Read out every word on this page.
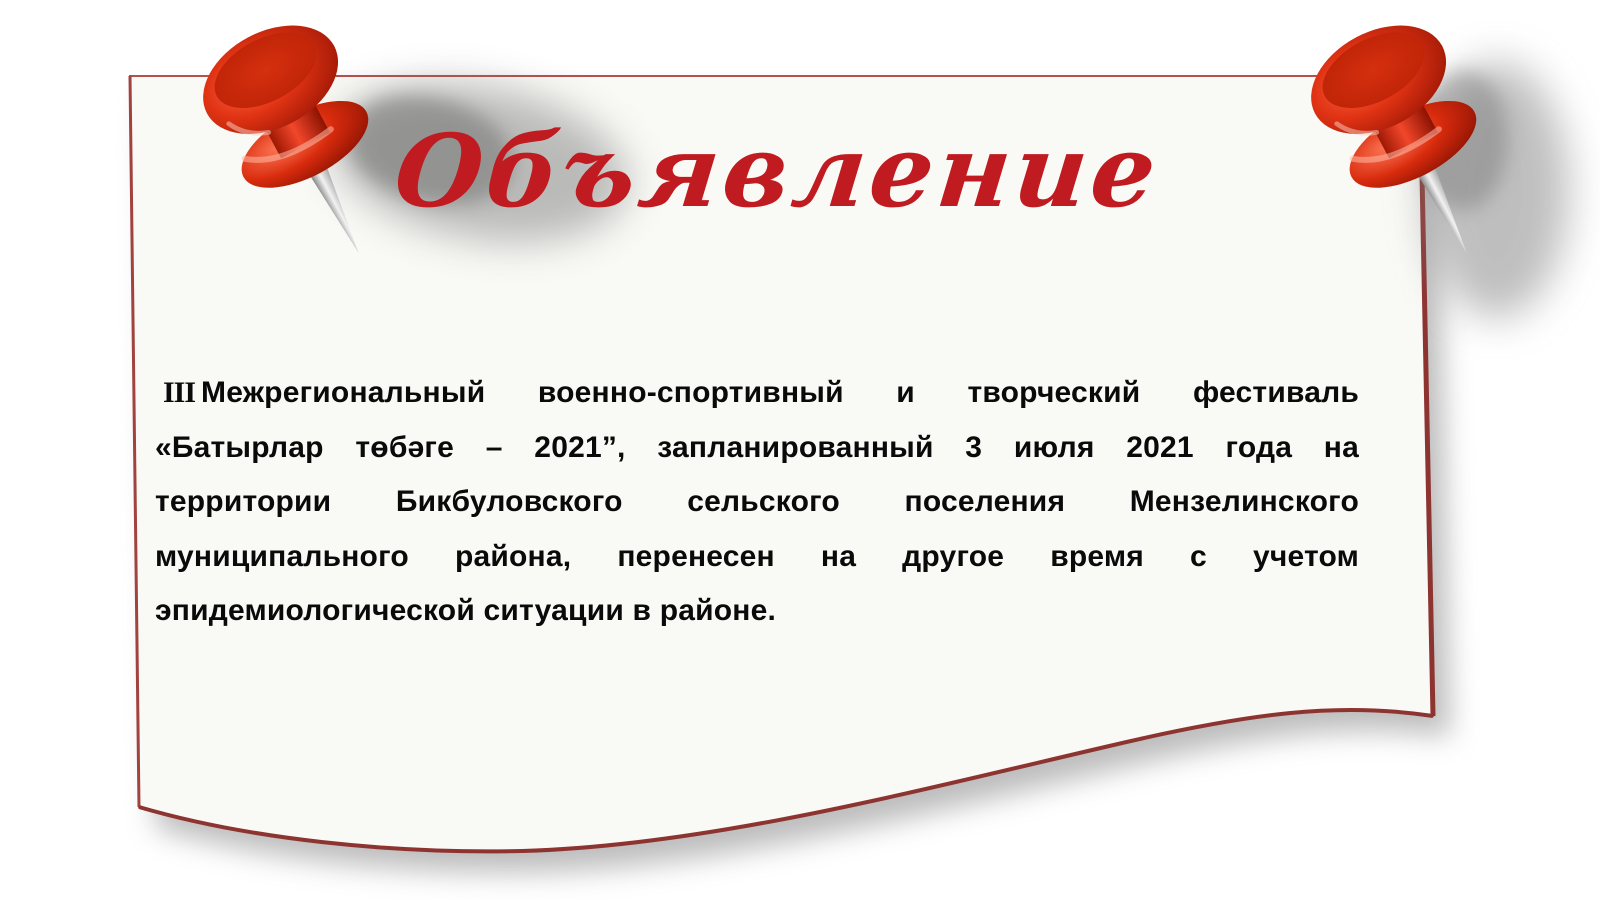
Объявление
III Межрегиональный военно-спортивный и творческий фестиваль
«Батырлар төбәге – 2021”, запланированный 3 июля 2021 года на
территории Бикбуловского сельского поселения Мензелинского
муниципального района, перенесен на другое время с учетом
эпидемиологической ситуации в районе.
